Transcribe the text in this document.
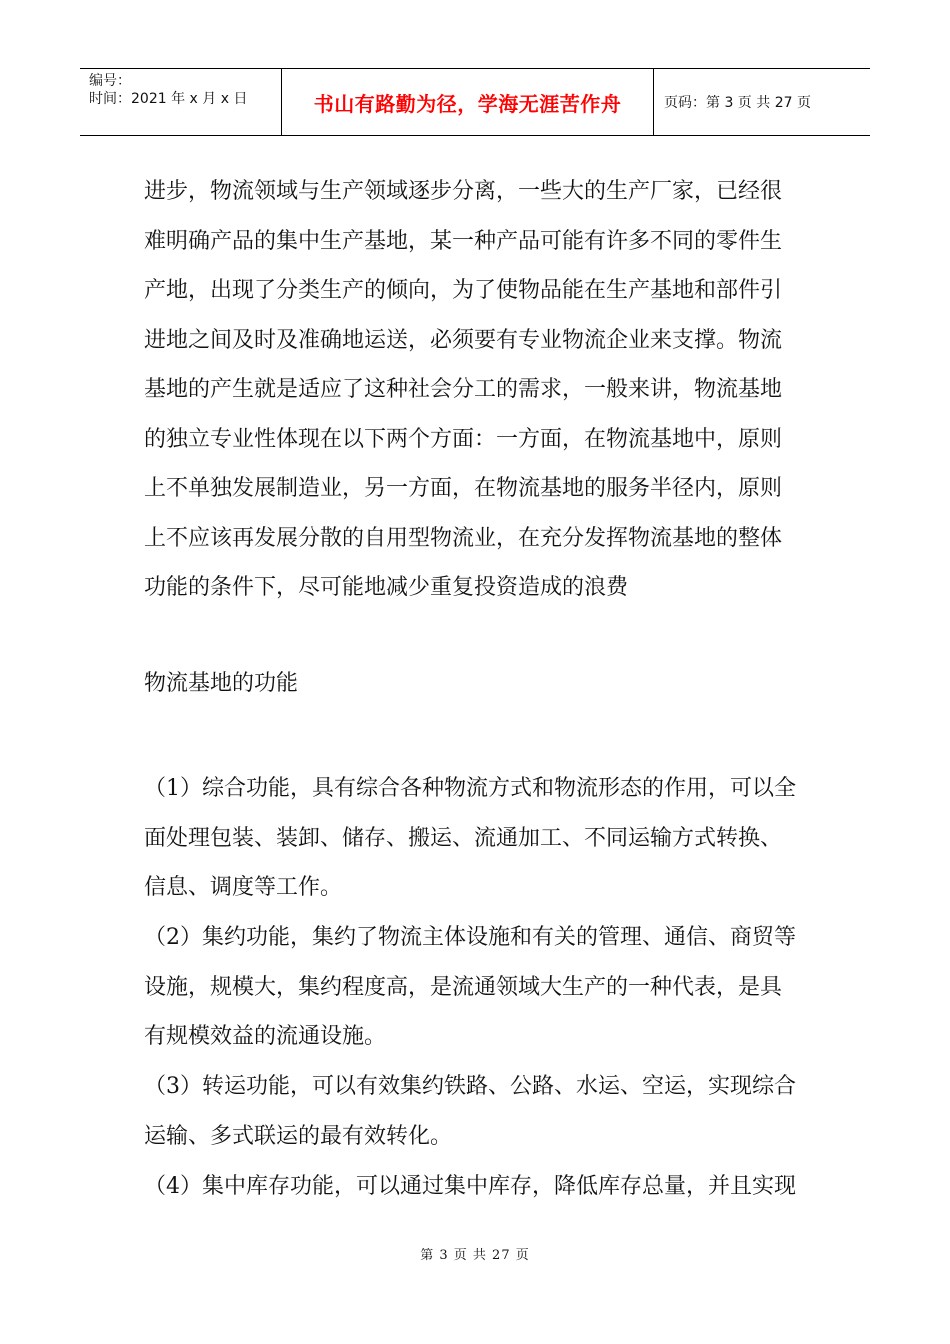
编号：
时间：2021 年 x 月 x 日	书山有路勤为径，学海无涯苦作舟	页码：第 3 页 共 27 页

进步，物流领域与生产领域逐步分离，一些大的生产厂家，已经很

难明确产品的集中生产基地，某一种产品可能有许多不同的零件生

产地，出现了分类生产的倾向，为了使物品能在生产基地和部件引

进地之间及时及准确地运送，必须要有专业物流企业来支撑。物流

基地的产生就是适应了这种社会分工的需求，一般来讲，物流基地

的独立专业性体现在以下两个方面：一方面，在物流基地中，原则

上不单独发展制造业，另一方面，在物流基地的服务半径内，原则

上不应该再发展分散的自用型物流业，在充分发挥物流基地的整体

功能的条件下，尽可能地减少重复投资造成的浪费

物流基地的功能

（1）综合功能，具有综合各种物流方式和物流形态的作用，可以全

面处理包装、装卸、储存、搬运、流通加工、不同运输方式转换、

信息、调度等工作。

（2）集约功能，集约了物流主体设施和有关的管理、通信、商贸等

设施，规模大，集约程度高，是流通领域大生产的一种代表，是具

有规模效益的流通设施。

（3）转运功能，可以有效集约铁路、公路、水运、空运，实现综合

运输、多式联运的最有效转化。

（4）集中库存功能，可以通过集中库存，降低库存总量，并且实现

第 3 页 共 27 页
